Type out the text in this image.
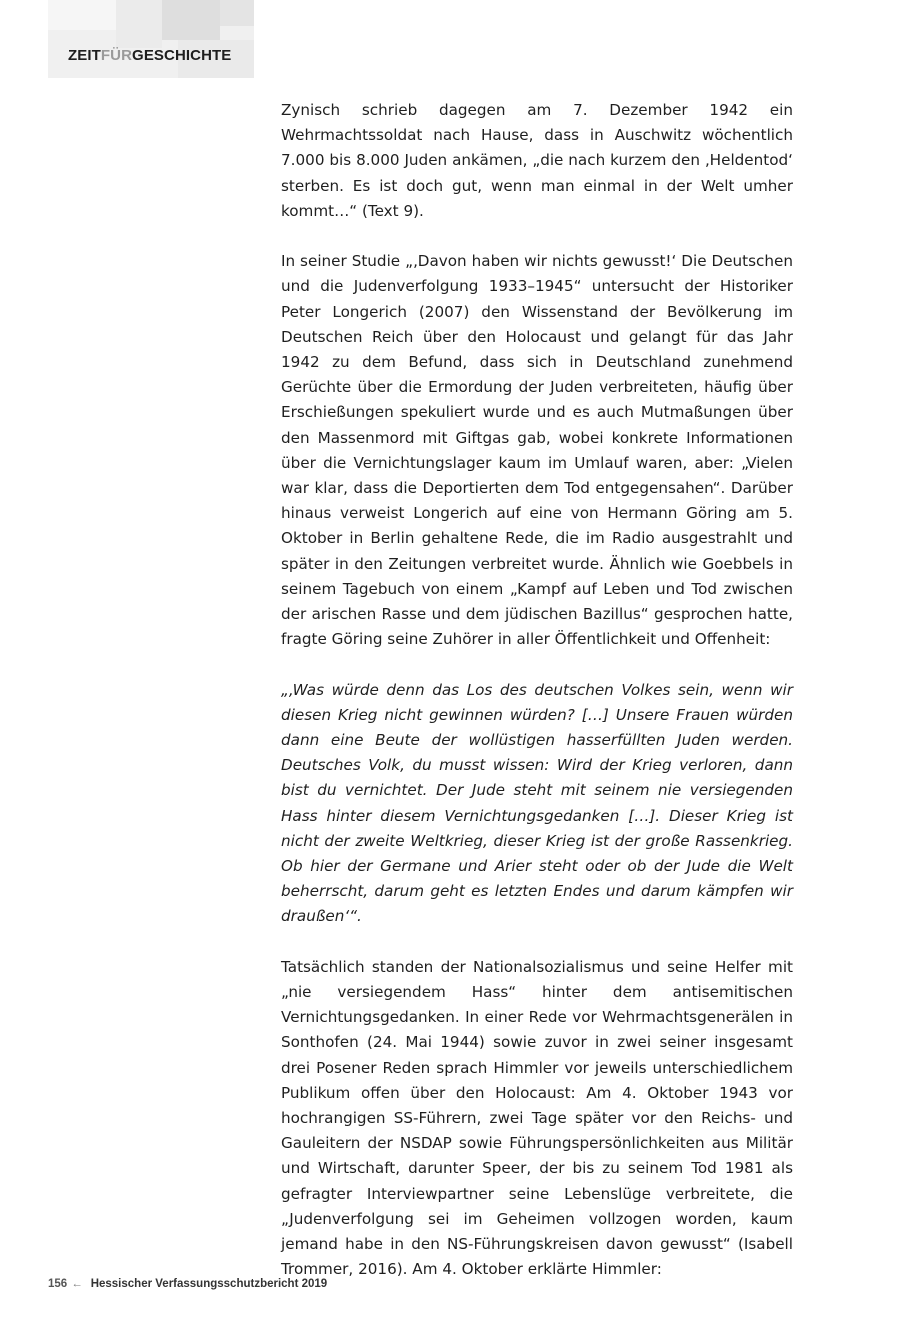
ZEITFÜRGESCHICHTE

Zynisch schrieb dagegen am 7. Dezember 1942 ein Wehrmachtssoldat nach Hause, dass in Auschwitz wöchentlich 7.000 bis 8.000 Juden ankämen, „die nach kurzem den ‚Heldentod‘ sterben. Es ist doch gut, wenn man einmal in der Welt umher kommt…“ (Text 9).

In seiner Studie „‚Davon haben wir nichts gewusst!‘ Die Deutschen und die Judenverfolgung 1933–1945“ untersucht der Historiker Peter Longerich (2007) den Wissenstand der Bevölkerung im Deutschen Reich über den Holocaust und gelangt für das Jahr 1942 zu dem Befund, dass sich in Deutschland zunehmend Gerüchte über die Ermordung der Juden verbreiteten, häufig über Erschießungen spekuliert wurde und es auch Mutmaßungen über den Massenmord mit Giftgas gab, wobei konkrete Informationen über die Vernichtungslager kaum im Umlauf waren, aber: „Vielen war klar, dass die Deportierten dem Tod entgegensahen“. Darüber hinaus verweist Longerich auf eine von Hermann Göring am 5. Oktober in Berlin gehaltene Rede, die im Radio ausgestrahlt und später in den Zeitungen verbreitet wurde. Ähnlich wie Goebbels in seinem Tagebuch von einem „Kampf auf Leben und Tod zwischen der arischen Rasse und dem jüdischen Bazillus“ gesprochen hatte, fragte Göring seine Zuhörer in aller Öffentlichkeit und Offenheit:

„‚Was würde denn das Los des deutschen Volkes sein, wenn wir diesen Krieg nicht gewinnen würden? […] Unsere Frauen würden dann eine Beute der wollüstigen hasserfüllten Juden werden. Deutsches Volk, du musst wissen: Wird der Krieg verloren, dann bist du vernichtet. Der Jude steht mit seinem nie versiegenden Hass hinter diesem Vernichtungsgedanken […]. Dieser Krieg ist nicht der zweite Weltkrieg, dieser Krieg ist der große Rassenkrieg. Ob hier der Germane und Arier steht oder ob der Jude die Welt beherrscht, darum geht es letzten Endes und darum kämpfen wir draußen‘“.

Tatsächlich standen der Nationalsozialismus und seine Helfer mit „nie versiegendem Hass“ hinter dem antisemitischen Vernichtungsgedanken. In einer Rede vor Wehrmachtsgenerälen in Sonthofen (24. Mai 1944) sowie zuvor in zwei seiner insgesamt drei Posener Reden sprach Himmler vor jeweils unterschiedlichem Publikum offen über den Holocaust: Am 4. Oktober 1943 vor hochrangigen SS-Führern, zwei Tage später vor den Reichs- und Gauleitern der NSDAP sowie Führungspersönlichkeiten aus Militär und Wirtschaft, darunter Speer, der bis zu seinem Tod 1981 als gefragter Interviewpartner seine Lebenslüge verbreitete, die „Judenverfolgung sei im Geheimen vollzogen worden, kaum jemand habe in den NS-Führungskreisen davon gewusst“ (Isabell Trommer, 2016). Am 4. Oktober erklärte Himmler:

156 ← Hessischer Verfassungsschutzbericht 2019
